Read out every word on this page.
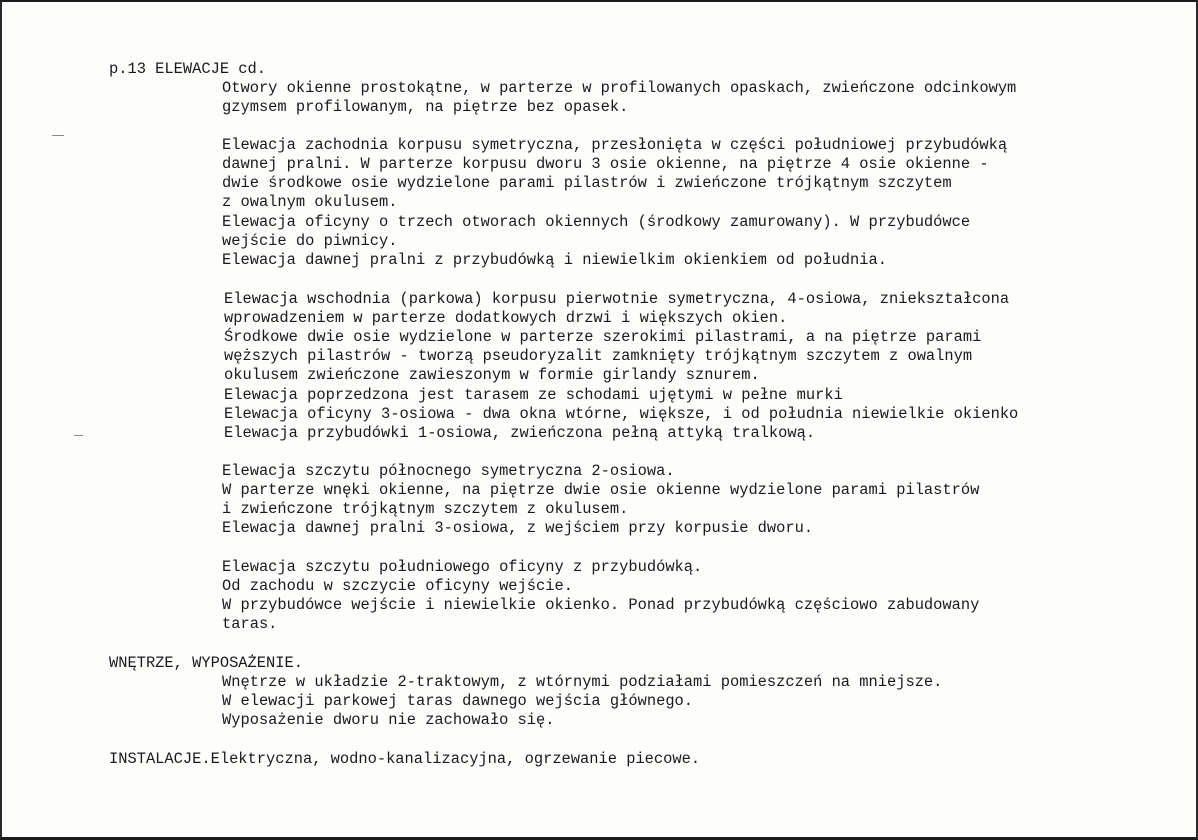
p.13 ELEWACJE cd.
Otwory okienne prostokątne, w parterze w profilowanych opaskach, zwieńczone odcinkowym
gzymsem profilowanym, na piętrze bez opasek.
Elewacja zachodnia korpusu symetryczna, przesłonięta w części południowej przybudówką
dawnej pralni. W parterze korpusu dworu 3 osie okienne, na piętrze 4 osie okienne -
dwie środkowe osie wydzielone parami pilastrów i zwieńczone trójkątnym szczytem
z owalnym okulusem.
Elewacja oficyny o trzech otworach okiennych (środkowy zamurowany). W przybudówce
wejście do piwnicy.
Elewacja dawnej pralni z przybudówką i niewielkim okienkiem od południa.
Elewacja wschodnia (parkowa) korpusu pierwotnie symetryczna, 4-osiowa, zniekształcona
wprowadzeniem w parterze dodatkowych drzwi i większych okien.
Środkowe dwie osie wydzielone w parterze szerokimi pilastrami, a na piętrze parami
węższych pilastrów - tworzą pseudoryzalit zamknięty trójkątnym szczytem z owalnym
okulusem zwieńczone zawieszonym w formie girlandy sznurem.
Elewacja poprzedzona jest tarasem ze schodami ujętymi w pełne murki
Elewacja oficyny 3-osiowa - dwa okna wtórne, większe, i od południa niewielkie okienko
Elewacja przybudówki 1-osiowa, zwieńczona pełną attyką tralkową.
Elewacja szczytu północnego symetryczna 2-osiowa.
W parterze wnęki okienne, na piętrze dwie osie okienne wydzielone parami pilastrów
i zwieńczone trójkątnym szczytem z okulusem.
Elewacja dawnej pralni 3-osiowa, z wejściem przy korpusie dworu.
Elewacja szczytu południowego oficyny z przybudówką.
Od zachodu w szczycie oficyny wejście.
W przybudówce wejście i niewielkie okienko. Ponad przybudówką częściowo zabudowany
taras.
WNĘTRZE, WYPOSAŻENIE.
Wnętrze w układzie 2-traktowym, z wtórnymi podziałami pomieszczeń na mniejsze.
W elewacji parkowej taras dawnego wejścia głównego.
Wyposażenie dworu nie zachowało się.
INSTALACJE.Elektryczna, wodno-kanalizacyjna, ogrzewanie piecowe.
